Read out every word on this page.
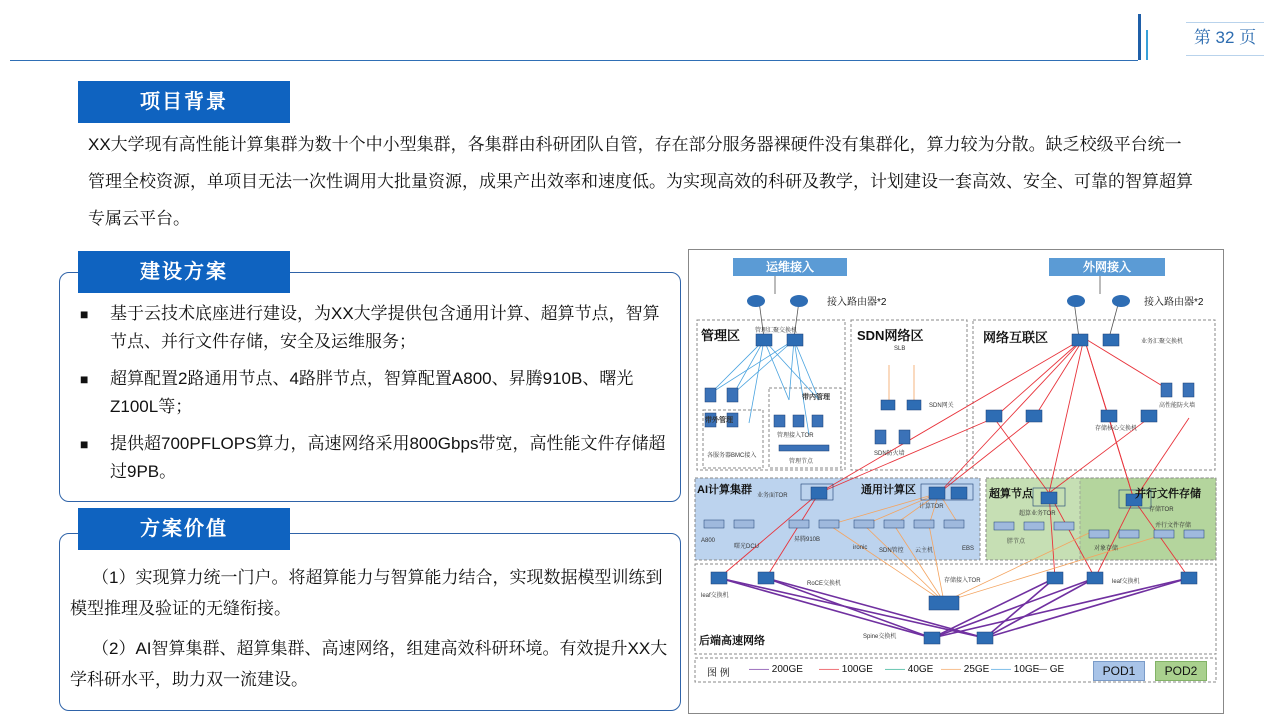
第 32 页
项目背景
XX大学现有高性能计算集群为数十个中小型集群，各集群由科研团队自管，存在部分服务器裸硬件没有集群化，算力较为分散。缺乏校级平台统一管理全校资源，单项目无法一次性调用大批量资源，成果产出效率和速度低。为实现高效的科研及教学，计划建设一套高效、安全、可靠的智算超算专属云平台。
建设方案
■ 基于云技术底座进行建设，为XX大学提供包含通用计算、超算节点，智算节点、并行文件存储，安全及运维服务；
■ 超算配置2路通用节点、4路胖节点，智算配置A800、昇腾910B、曙光Z100L等；
■ 提供超700PFLOPS算力，高速网络采用800Gbps带宽，高性能文件存储超过9PB。
方案价值

（1）实现算力统一门户。将超算能力与智算能力结合，实现数据模型训练到模型推理及验证的无缝衔接。

（2）AI智算集群、超算集群、高速网络，组建高效科研环境。有效提升XX大学科研水平，助力双一流建设。

运维接入	外网接入
接入路由器*2	接入路由器*2
管理区	SDN网络区	网络互联区
AI计算集群	通用计算区	超算节点	并行文件存储
后端高速网络
带内管理
带外管理
管理汇聚交换机
管理接入TOR
管理节点
各服务器BMC接入
SLB
SDN网关
SDN防火墙
业务汇聚交换机
存储核心交换机
高性能防火墙
业务面TOR
计算TOR
A800
曙光DCU
昇腾910B
ironic SDN管控 云主机	EBS
超算业务TOR
胖节点
存储TOR
并行文件存储
对象存储
leaf交换机
RoCE交换机	存储接入TOR
Spine交换机
leaf交换机
图 例 —— 200GE —— 100GE —— 40GE —— 25GE —— 10GE
— GE	POD1	POD2
